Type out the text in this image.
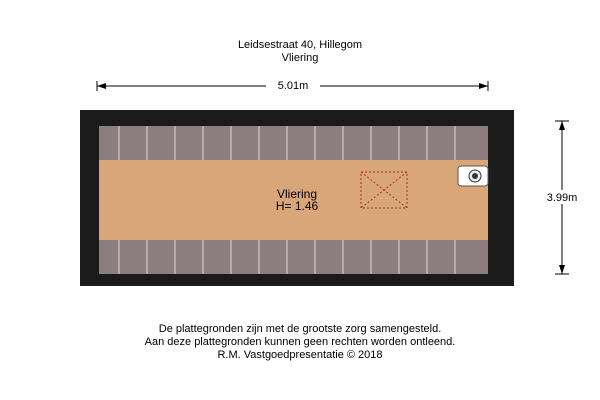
Leidsestraat 40, Hillegom
Vliering
5.01m
3.99m
Vliering
H= 1.46
De plattegronden zijn met de grootste zorg samengesteld.
Aan deze plattegronden kunnen geen rechten worden ontleend.
R.M. Vastgoedpresentatie © 2018
